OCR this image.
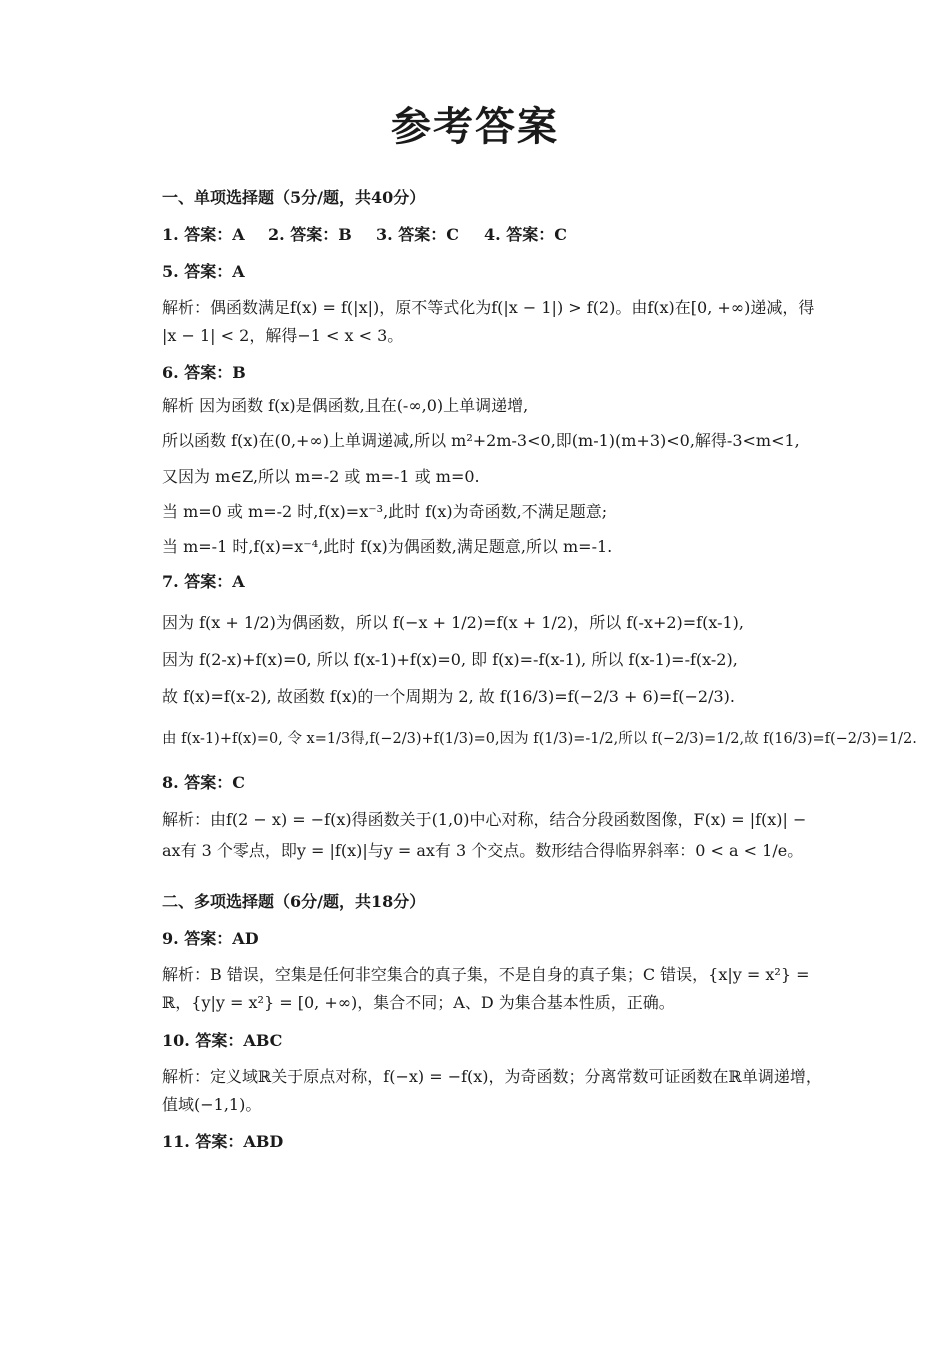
参考答案
一、单项选择题（5分/题，共40分）
1. 答案：A 2. 答案：B 3. 答案：C 4. 答案：C
5. 答案：A
解析：偶函数满足f(x) = f(|x|)，原不等式化为f(|x − 1|) > f(2)。由f(x)在[0, +∞)递减，得
|x − 1| < 2，解得−1 < x < 3。
6. 答案：B
解析 因为函数 f(x)是偶函数,且在(-∞,0)上单调递增,
所以函数 f(x)在(0,+∞)上单调递减,所以 m²+2m-3<0,即(m-1)(m+3)<0,解得-3<m<1,
又因为 m∈Z,所以 m=-2 或 m=-1 或 m=0.
当 m=0 或 m=-2 时,f(x)=x⁻³,此时 f(x)为奇函数,不满足题意;
当 m=-1 时,f(x)=x⁻⁴,此时 f(x)为偶函数,满足题意,所以 m=-1.
7. 答案：A
因为 f(x + 1/2)为偶函数，所以 f(−x + 1/2)=f(x + 1/2)，所以 f(-x+2)=f(x-1),
因为 f(2-x)+f(x)=0, 所以 f(x-1)+f(x)=0, 即 f(x)=-f(x-1), 所以 f(x-1)=-f(x-2),
故 f(x)=f(x-2), 故函数 f(x)的一个周期为 2, 故 f(16/3)=f(−2/3 + 6)=f(−2/3).
由 f(x-1)+f(x)=0, 令 x=1/3得,f(−2/3)+f(1/3)=0,因为 f(1/3)=-1/2,所以 f(−2/3)=1/2,故 f(16/3)=f(−2/3)=1/2.
8. 答案：C
解析：由f(2 − x) = −f(x)得函数关于(1,0)中心对称，结合分段函数图像，F(x) = |f(x)| −
ax有 3 个零点，即y = |f(x)|与y = ax有 3 个交点。数形结合得临界斜率：0 < a < 1/e。
二、多项选择题（6分/题，共18分）
9. 答案：AD
解析：B 错误，空集是任何非空集合的真子集，不是自身的真子集；C 错误，{x|y = x²} =
ℝ，{y|y = x²} = [0, +∞)，集合不同；A、D 为集合基本性质，正确。
10. 答案：ABC
解析：定义域ℝ关于原点对称，f(−x) = −f(x)，为奇函数；分离常数可证函数在ℝ单调递增，
值域(−1,1)。
11. 答案：ABD
